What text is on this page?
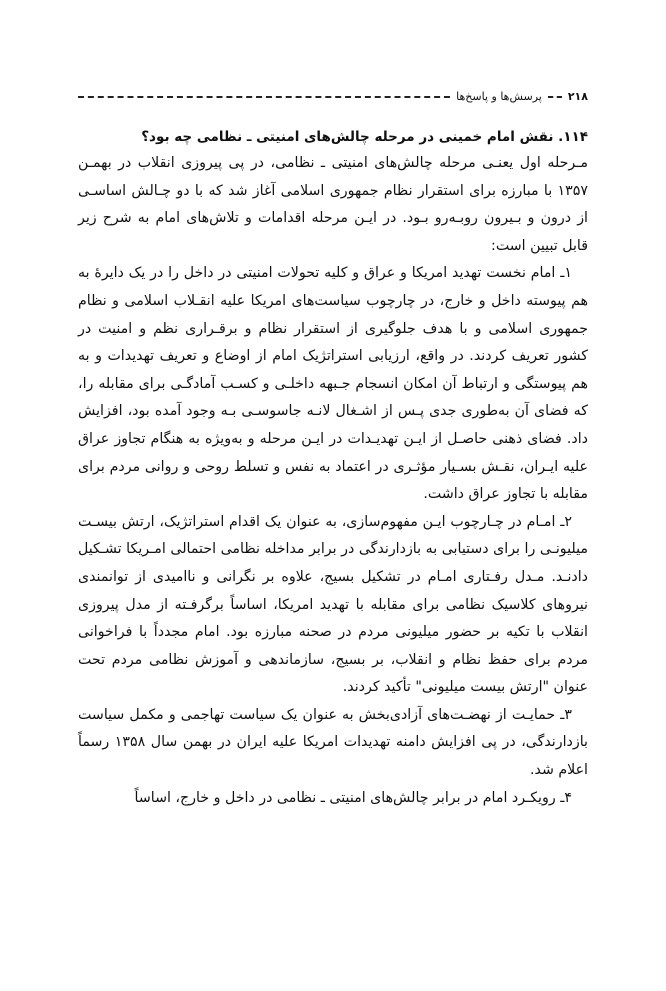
۲۱۸
پرسش‌ها و پاسخ‌ها
۱۱۴. نقش امام خمینی در مرحله چالش‌های امنیتی ـ نظامی چه بود؟

مـرحله اول یعنـی مرحله چالش‌های امنیتی ـ نظامی، در پی پیروزی انقلاب در بهمـن ۱۳۵۷ با مبارزه برای استقرار نظام جمهوری اسلامی آغاز شد که با دو چـالش اساسـی از درون و بـیرون روبـه‌رو بـود. در ایـن مرحله اقدامات و تلاش‌های امام به شرح زیر قابل تبیین است:

۱ـ امام نخست تهدید امریکا و عراق و کلیه تحولات امنیتی در داخل را در یک دایرهٔ به هم پیوسته داخل و خارج، در چارچوب سیاست‌های امریکا علیه انقـلاب اسلامی و نظام جمهوری اسلامی و با هدف جلوگیری از استقرار نظام و برقـراری نظم و امنیت در کشور تعریف کردند. در واقع، ارزیابی استراتژیک امام از اوضاع و تعریف تهدیدات و به هم پیوستگی و ارتباط آن امکان انسجام جـبهه داخلـی و کسـب آمادگـی برای مقابله را، که فضای آن به‌طوری جدی پـس از اشـغال لانـه جاسوسـی بـه وجود آمده بود، افزایش داد. فضای ذهنی حاصـل از ایـن تهدیـدات در ایـن مرحله و به‌ویژه به هنگام تجاوز عراق علیه ایـران، نقـش بسـیار مؤثـری در اعتماد به نفس و تسلط روحی و روانی مردم برای مقابله با تجاوز عراق داشت.

۲ـ امـام در چـارچوب ایـن مفهوم‌سازی، به عنوان یک اقدام استراتژیک، ارتش بیسـت میلیونـی را برای دستیابی به بازدارندگی در برابر مداخله نظامی احتمالی امـریکا تشـکیل دادنـد. مـدل رفـتاری امـام در تشکیل بسیج، علاوه بر نگرانی و ناامیدی از توانمندی نیروهای کلاسیک نظامی برای مقابله با تهدید امریکا، اساساً برگرفـته از مدل پیروزی انقلاب با تکیه بر حضور میلیونی مردم در صحنه مبارزه بود. امام مجدداً با فراخوانی مردم برای حفظ نظام و انقلاب، بر بسیج، سازماندهی و آموزش نظامی مردم تحت عنوان "ارتش بیست میلیونی" تأکید کردند.

۳ـ حمایـت از نهضـت‌های آزادی‌بخش به عنوان یک سیاست تهاجمی و مکمل سیاست بازدارندگی، در پی افزایش دامنه تهدیدات امریکا علیه ایران در بهمن سال ۱۳۵۸ رسماً اعلام شد.

۴ـ رویکـرد امام در برابر چالش‌های امنیتی ـ نظامی در داخل و خارج، اساساً
